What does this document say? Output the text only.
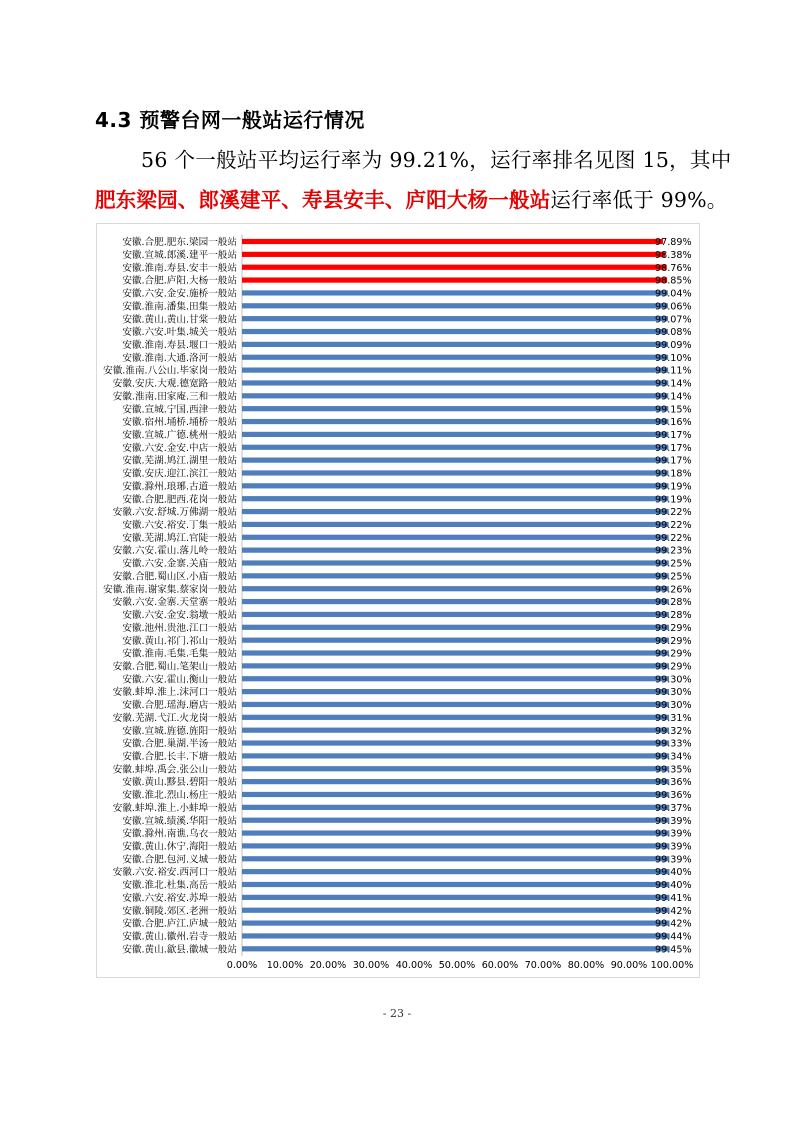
4.3 预警台网一般站运行情况
56 个一般站平均运行率为 99.21%，运行率排名见图 15，其中
肥东梁园、郎溪建平、寿县安丰、庐阳大杨一般站运行率低于 99%。
安徽.合肥.肥东.梁园一般站	97.89%
安徽.宣城.郎溪.建平一般站	98.38%
安徽.淮南.寿县.安丰一般站	98.76%
安徽.合肥.庐阳.大杨一般站	98.85%
安徽.六安.金安.施桥一般站	99.04%
安徽.淮南.潘集.田集一般站	99.06%
安徽.黄山.黄山.甘棠一般站	99.07%
安徽.六安.叶集.城关一般站	99.08%
安徽.淮南.寿县.堰口一般站	99.09%
安徽.淮南.大通.洛河一般站	99.10%
安徽.淮南.八公山.毕家岗一般站	99.11%
安徽.安庆.大观.德宽路一般站	99.14%
安徽.淮南.田家庵.三和一般站	99.14%
安徽.宣城.宁国.西津一般站	99.15%
安徽.宿州.埇桥.埇桥一般站	99.16%
安徽.宣城.广德.桃州一般站	99.17%
安徽.六安.金安.中店一般站	99.17%
安徽.芜湖.鸠江.湖里一般站	99.17%
安徽.安庆.迎江.滨江一般站	99.18%
安徽.滁州.琅琊.古道一般站	99.19%
安徽.合肥.肥西.花岗一般站	99.19%
安徽.六安.舒城.万佛湖一般站	99.22%
安徽.六安.裕安.丁集一般站	99.22%
安徽.芜湖.鸠江.官陡一般站	99.22%
安徽.六安.霍山.落儿岭一般站	99.23%
安徽.六安.金寨.关庙一般站	99.25%
安徽.合肥.蜀山区.小庙一般站	99.25%
安徽.淮南.谢家集.蔡家岗一般站	99.26%
安徽.六安.金寨.天堂寨一般站	99.28%
安徽.六安.金安.翁墩一般站	99.28%
安徽.池州.贵池.江口一般站	99.29%
安徽.黄山.祁门.祁山一般站	99.29%
安徽.淮南.毛集.毛集一般站	99.29%
安徽.合肥.蜀山.笔架山一般站	99.29%
安徽.六安.霍山.衡山一般站	99.30%
安徽.蚌埠.淮上.沫河口一般站	99.30%
安徽.合肥.瑶海.磨店一般站	99.30%
安徽.芜湖.弋江.火龙岗一般站	99.31%
安徽.宣城.旌德.旌阳一般站	99.32%
安徽.合肥.巢湖.半汤一般站	99.33%
安徽.合肥.长丰.下塘一般站	99.34%
安徽.蚌埠.禹会.张公山一般站	99.35%
安徽.黄山.黟县.碧阳一般站	99.36%
安徽.淮北.烈山.杨庄一般站	99.36%
安徽.蚌埠.淮上.小蚌埠一般站	99.37%
安徽.宣城.绩溪.华阳一般站	99.39%
安徽.滁州.南谯.乌衣一般站	99.39%
安徽.黄山.休宁.海阳一般站	99.39%
安徽.合肥.包河.义城一般站	99.39%
安徽.六安.裕安.西河口一般站	99.40%
安徽.淮北.杜集.高岳一般站	99.40%
安徽.六安.裕安.苏埠一般站	99.41%
安徽.铜陵.郊区.老洲一般站	99.42%
安徽.合肥.庐江.庐城一般站	99.42%
安徽.黄山.徽州.岩寺一般站	99.44%
安徽.黄山.歙县.徽城一般站	99.45%
0.00% 10.00% 20.00% 30.00% 40.00% 50.00% 60.00% 70.00% 80.00% 90.00% 100.00%
- 23 -
